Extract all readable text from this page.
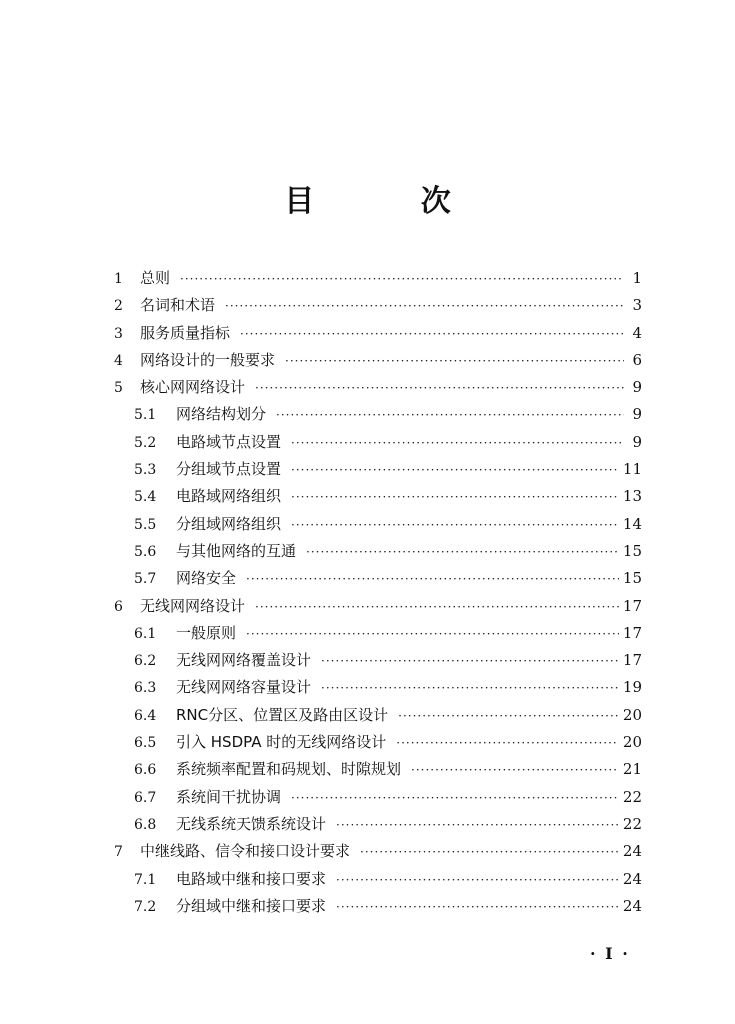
目 次
1	总则 ·····	1
2	名词和术语 ·····	3
3	服务质量指标 ·····	4
4	网络设计的一般要求 ·····	6
5	核心网网络设计 ·····	9
5.1	网络结构划分 ·····	9
5.2	电路域节点设置 ·····	9
5.3	分组域节点设置 ·····	11
5.4	电路域网络组织 ·····	13
5.5	分组域网络组织 ·····	14
5.6	与其他网络的互通 ·····	15
5.7	网络安全 ·····	15
6	无线网网络设计 ·····	17
6.1	一般原则 ·····	17
6.2	无线网网络覆盖设计 ·····	17
6.3	无线网网络容量设计 ·····	19
6.4	RNC分区、位置区及路由区设计 ·····	20
6.5	引入 HSDPA 时的无线网络设计 ·····	20
6.6	系统频率配置和码规划、时隙规划 ·····	21
6.7	系统间干扰协调 ·····	22
6.8	无线系统天馈系统设计 ·····	22
7	中继线路、信令和接口设计要求 ·····	24
7.1	电路域中继和接口要求 ·····	24
7.2	分组域中继和接口要求 ·····	24
· I ·
